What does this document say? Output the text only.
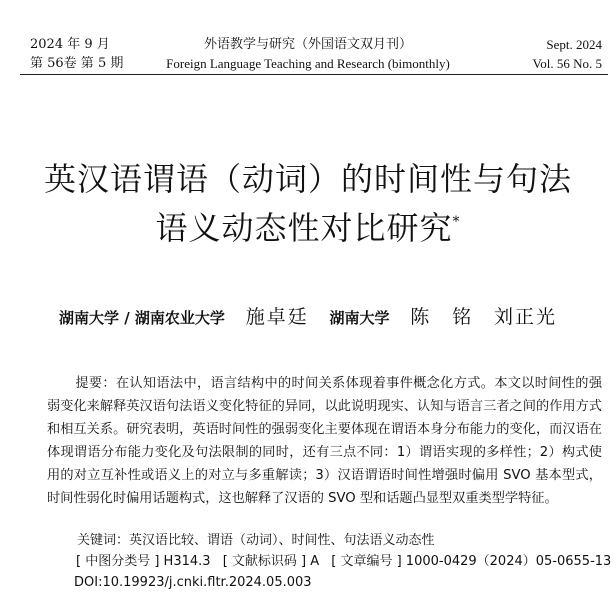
2024 年 9 月
第 56卷 第 5 期
外语教学与研究（外国语文双月刊）
Foreign Language Teaching and Research (bimonthly)
Sept. 2024
Vol. 56 No. 5
英汉语谓语（动词）的时间性与句法
语义动态性对比研究*
湖南大学 / 湖南农业大学 施卓廷 湖南大学 陈　铭 刘正光
提要：在认知语法中，语言结构中的时间关系体现着事件概念化方式。本文以时间性的强弱变化来解释英汉语句法语义变化特征的异同，以此说明现实、认知与语言三者之间的作用方式和相互关系。研究表明，英语时间性的强弱变化主要体现在谓语本身分布能力的变化，而汉语在体现谓语分布能力变化及句法限制的同时，还有三点不同：1）谓语实现的多样性；2）构式使用的对立互补性或语义上的对立与多重解读；3）汉语谓语时间性增强时偏用 SVO 基本型式，时间性弱化时偏用话题构式，这也解释了汉语的 SVO 型和话题凸显型双重类型学特征。
关键词：英汉语比较、谓语（动词）、时间性、句法语义动态性
[ 中图分类号 ] H314.3 [ 文献标识码 ] A [ 文章编号 ] 1000-0429（2024）05-0655-13
DOI:10.19923/j.cnki.fltr.2024.05.003
